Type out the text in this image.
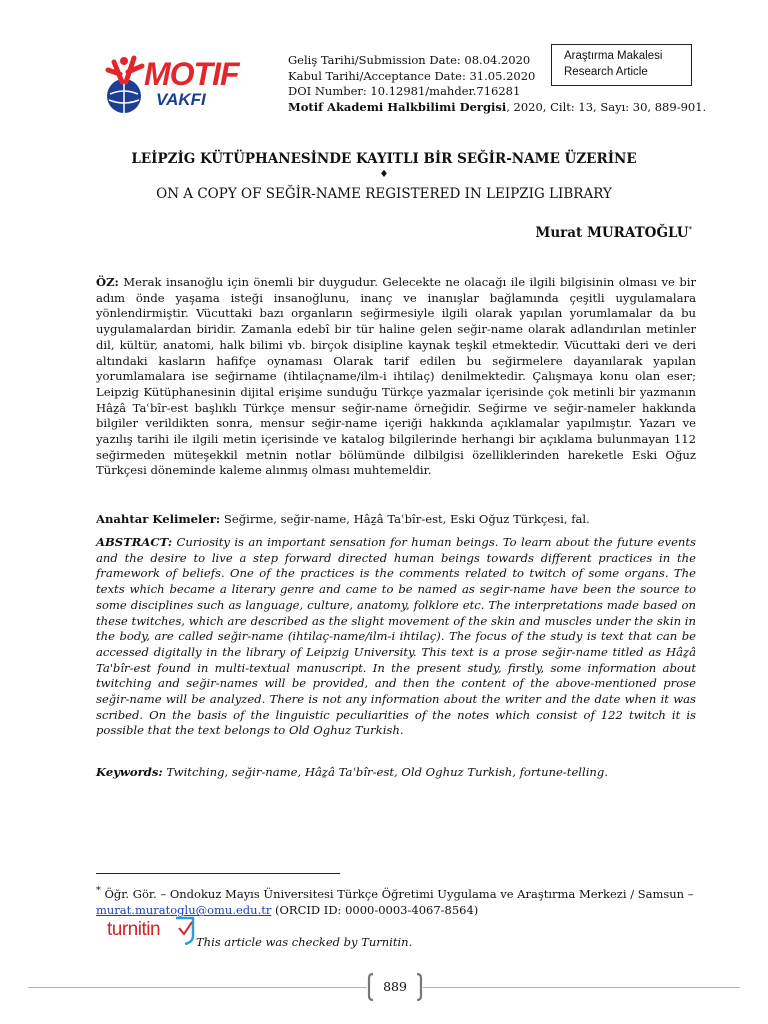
MOTIF
VAKFI
Geliş Tarihi/Submission Date: 08.04.2020
Kabul Tarihi/Acceptance Date: 31.05.2020
DOI Number: 10.12981/mahder.716281
Motif Akademi Halkbilimi Dergisi, 2020, Cilt: 13, Sayı: 30, 889-901.
Araştırma Makalesi
Research Article
LEİPZİG KÜTÜPHANESİNDE KAYITLI BİR SEĞİR-NAME ÜZERİNE
♦
ON A COPY OF SEĞİR-NAME REGISTERED IN LEIPZIG LIBRARY
Murat MURATOĞLU*
ÖZ: Merak insanoğlu için önemli bir duygudur. Gelecekte ne olacağı ile ilgili bilgisinin olması ve bir adım önde yaşama isteği insanoğlunu, inanç ve inanışlar bağlamında çeşitli uygulamalara yönlendirmiştir. Vücuttaki bazı organların seğirmesiyle ilgili olarak yapılan yorumlamalar da bu uygulamalardan biridir. Zamanla edebî bir tür haline gelen seğir-name olarak adlandırılan metinler dil, kültür, anatomi, halk bilimi vb. birçok disipline kaynak teşkil etmektedir. Vücuttaki deri ve deri altındaki kasların hafifçe oynaması Olarak tarif edilen bu seğirmelere dayanılarak yapılan yorumlamalara ise seğirname (ihtilaçname/ilm-i ihtilaç) denilmektedir. Çalışmaya konu olan eser; Leipzig Kütüphanesinin dijital erişime sunduğu Türkçe yazmalar içerisinde çok metinli bir yazmanın Hâẕâ Taʿbîr-est başlıklı Türkçe mensur seğir-name örneğidir. Seğirme ve seğir-nameler hakkında bilgiler verildikten sonra, mensur seğir-name içeriği hakkında açıklamalar yapılmıştır. Yazarı ve yazılış tarihi ile ilgili metin içerisinde ve katalog bilgilerinde herhangi bir açıklama bulunmayan 112 seğirmeden müteşekkil metnin notlar bölümünde dilbilgisi özelliklerinden hareketle Eski Oğuz Türkçesi döneminde kaleme alınmış olması muhtemeldir.
Anahtar Kelimeler: Seğirme, seğir-name, Hâẕâ Taʿbîr-est, Eski Oğuz Türkçesi, fal.
ABSTRACT: Curiosity is an important sensation for human beings. To learn about the future events and the desire to live a step forward directed human beings towards different practices in the framework of beliefs. One of the practices is the comments related to twitch of some organs. The texts which became a literary genre and came to be named as segir-name have been the source to some disciplines such as language, culture, anatomy, folklore etc. The interpretations made based on these twitches, which are described as the slight movement of the skin and muscles under the skin in the body, are called seğir-name (ihtilaç-name/ilm-i ihtilaç). The focus of the study is text that can be accessed digitally in the library of Leipzig University. This text is a prose seğir-name titled as Hâẕâ Ta'bîr-est found in multi-textual manuscript. In the present study, firstly, some information about twitching and seğir-names will be provided, and then the content of the above-mentioned prose seğir-name will be analyzed. There is not any information about the writer and the date when it was scribed. On the basis of the linguistic peculiarities of the notes which consist of 122 twitch it is possible that the text belongs to Old Oghuz Turkish.
Keywords: Twitching, seğir-name, Hâẕâ Taʿbîr-est, Old Oghuz Turkish, fortune-telling.
* Öğr. Gör. – Ondokuz Mayıs Üniversitesi Türkçe Öğretimi Uygulama ve Araştırma Merkezi / Samsun – murat.muratoglu@omu.edu.tr (ORCID ID: 0000-0003-4067-8564)
turnitin
This article was checked by Turnitin.
889
